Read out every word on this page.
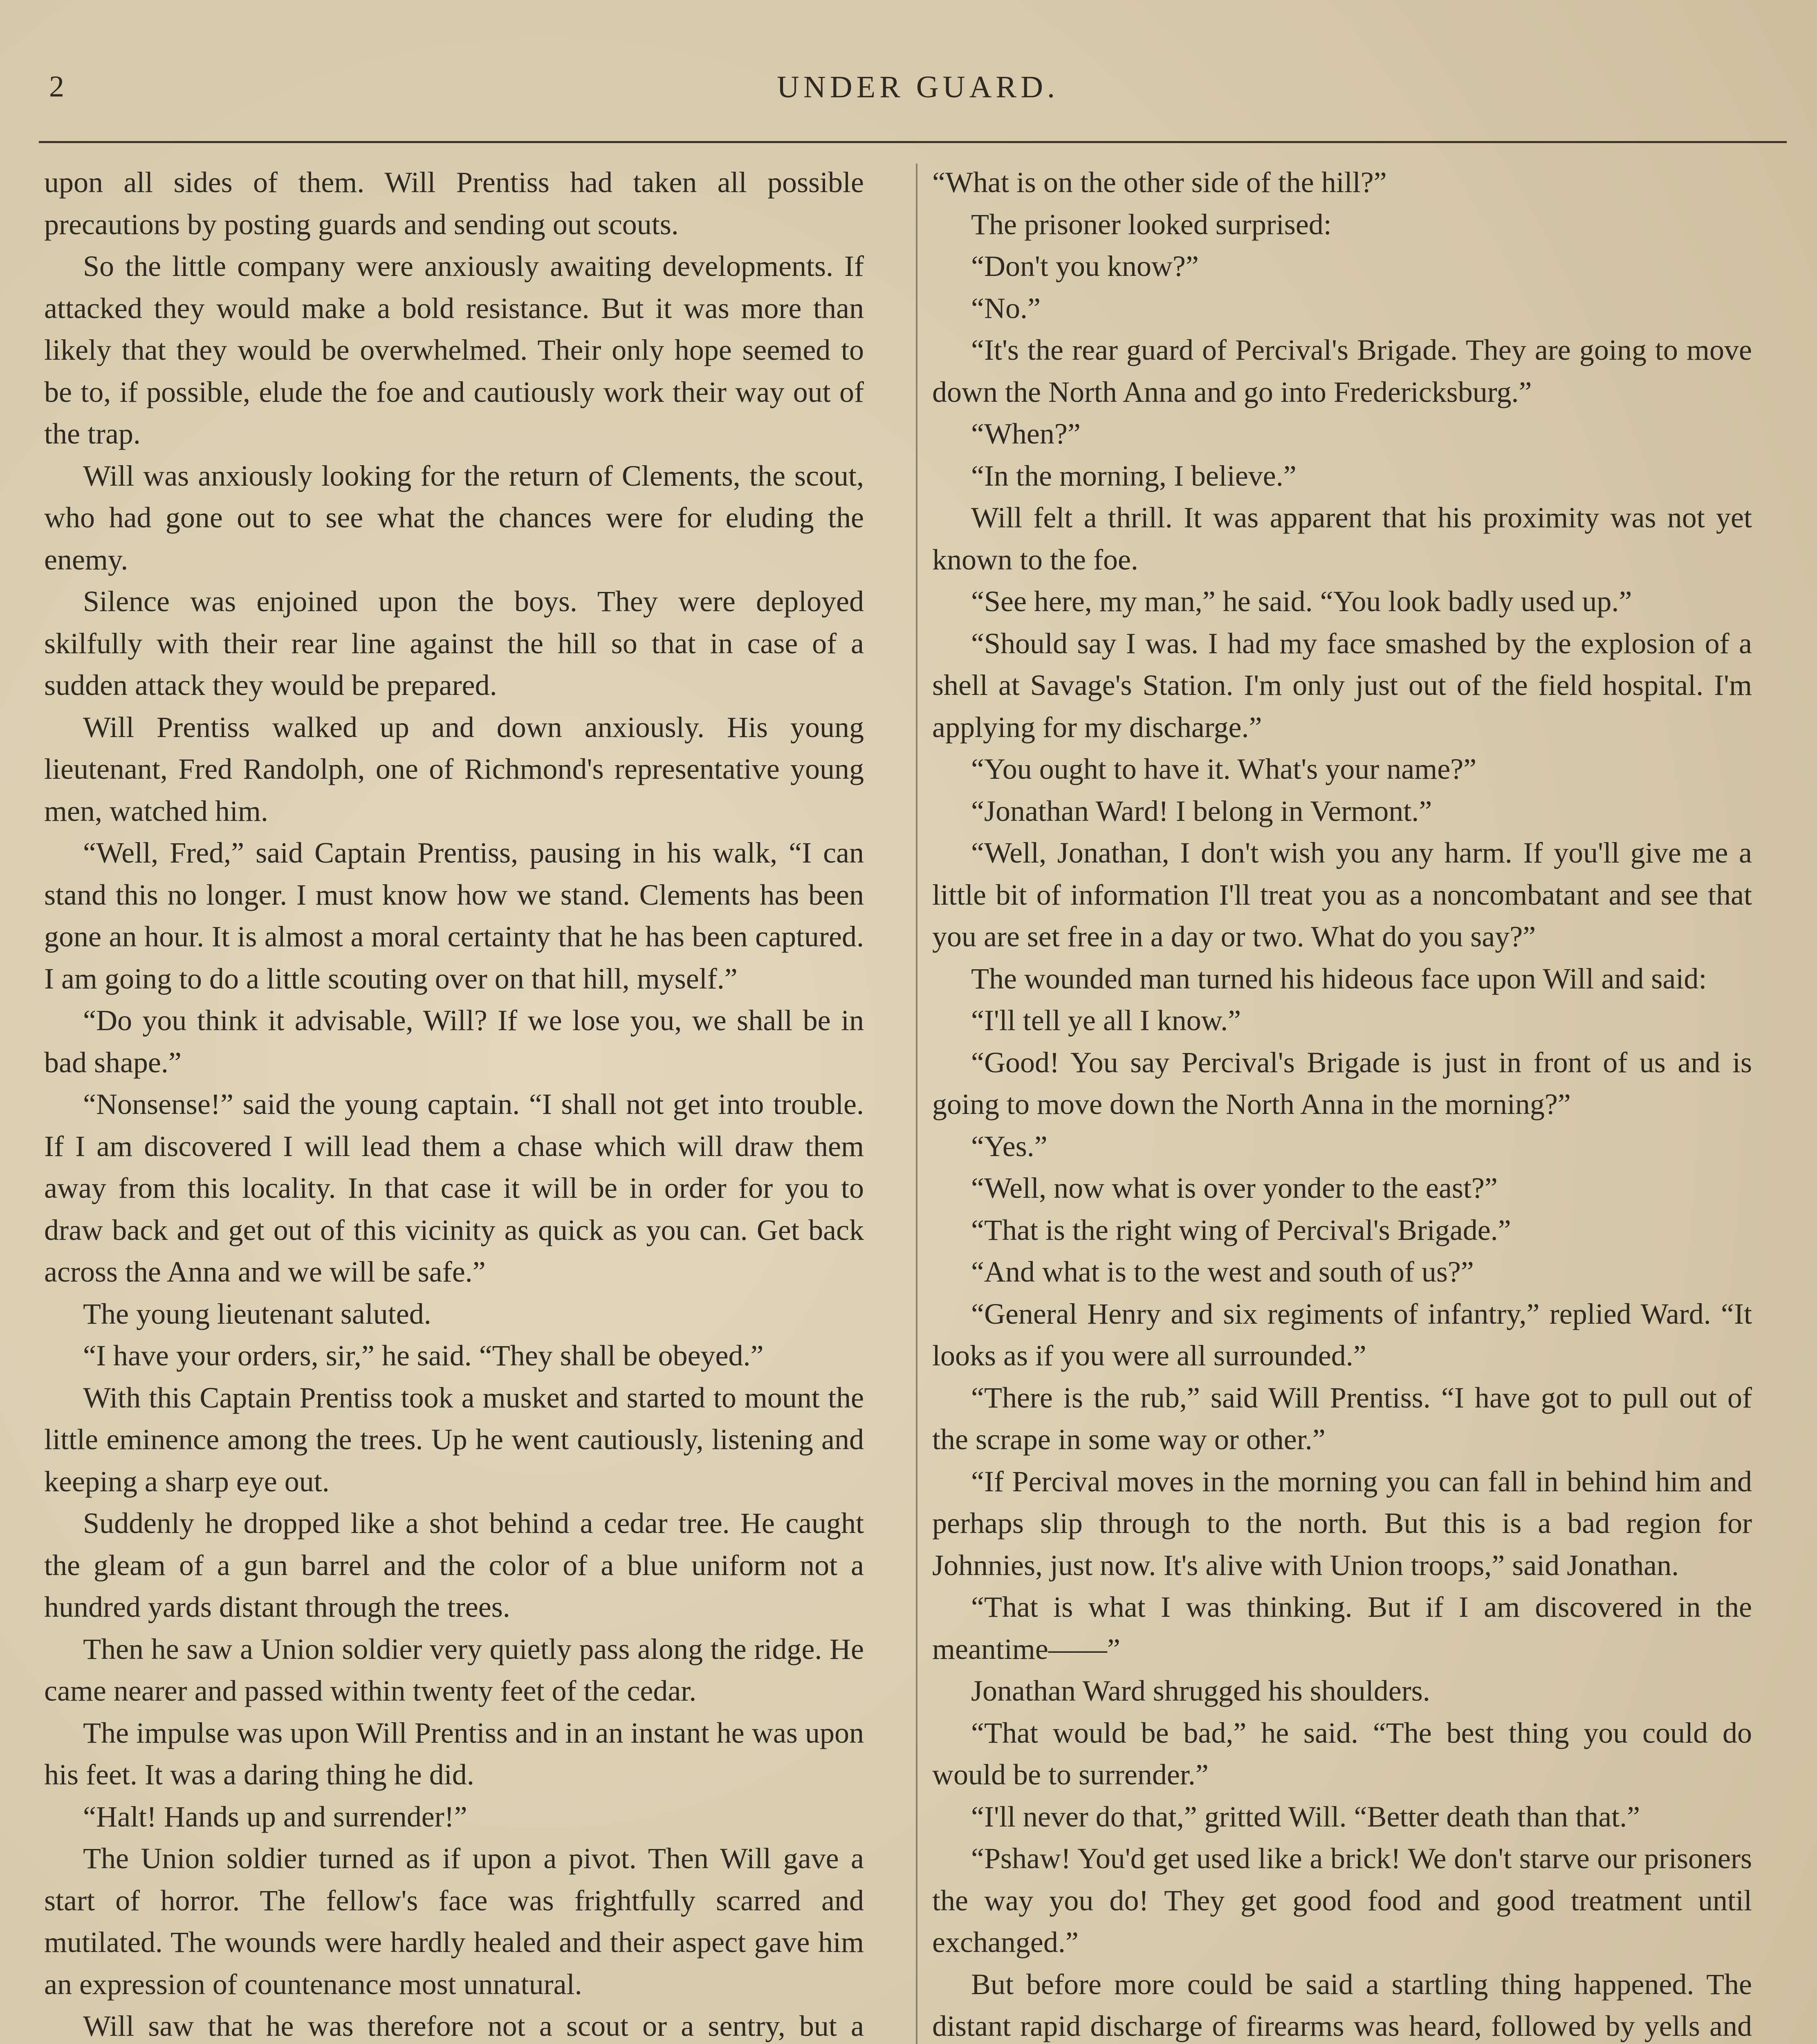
2	UNDER GUARD.

upon all sides of them. Will Prentiss had taken all possible precautions by posting guards and sending out scouts.

So the little company were anxiously awaiting developments. If attacked they would make a bold resistance. But it was more than likely that they would be overwhelmed. Their only hope seemed to be to, if possible, elude the foe and cautiously work their way out of the trap.

Will was anxiously looking for the return of Clements, the scout, who had gone out to see what the chances were for eluding the enemy.

Silence was enjoined upon the boys. They were deployed skilfully with their rear line against the hill so that in case of a sudden attack they would be prepared.

Will Prentiss walked up and down anxiously. His young lieutenant, Fred Randolph, one of Richmond's representative young men, watched him.

“Well, Fred,” said Captain Prentiss, pausing in his walk, “I can stand this no longer. I must know how we stand. Clements has been gone an hour. It is almost a moral certainty that he has been captured. I am going to do a little scouting over on that hill, myself.”

“Do you think it advisable, Will? If we lose you, we shall be in bad shape.”

“Nonsense!” said the young captain. “I shall not get into trouble. If I am discovered I will lead them a chase which will draw them away from this locality. In that case it will be in order for you to draw back and get out of this vicinity as quick as you can. Get back across the Anna and we will be safe.”

The young lieutenant saluted.

“I have your orders, sir,” he said. “They shall be obeyed.”

With this Captain Prentiss took a musket and started to mount the little eminence among the trees. Up he went cautiously, listening and keeping a sharp eye out.

Suddenly he dropped like a shot behind a cedar tree. He caught the gleam of a gun barrel and the color of a blue uniform not a hundred yards distant through the trees.

Then he saw a Union soldier very quietly pass along the ridge. He came nearer and passed within twenty feet of the cedar.

The impulse was upon Will Prentiss and in an instant he was upon his feet. It was a daring thing he did.

“Halt! Hands up and surrender!”

The Union soldier turned as if upon a pivot. Then Will gave a start of horror. The fellow's face was frightfully scarred and mutilated. The wounds were hardly healed and their aspect gave him an expression of countenance most unnatural.

Will saw that he was therefore not a scout or a sentry, but a

“What is on the other side of the hill?”

The prisoner looked surprised:

“Don't you know?”

“No.”

“It's the rear guard of Percival's Brigade. They are going to move down the North Anna and go into Fredericksburg.”

“When?”

“In the morning, I believe.”

Will felt a thrill. It was apparent that his proximity was not yet known to the foe.

“See here, my man,” he said. “You look badly used up.”

“Should say I was. I had my face smashed by the explosion of a shell at Savage's Station. I'm only just out of the field hospital. I'm applying for my discharge.”

“You ought to have it. What's your name?”

“Jonathan Ward! I belong in Vermont.”

“Well, Jonathan, I don't wish you any harm. If you'll give me a little bit of information I'll treat you as a noncombatant and see that you are set free in a day or two. What do you say?”

The wounded man turned his hideous face upon Will and said:

“I'll tell ye all I know.”

“Good! You say Percival's Brigade is just in front of us and is going to move down the North Anna in the morning?”

“Yes.”

“Well, now what is over yonder to the east?”

“That is the right wing of Percival's Brigade.”

“And what is to the west and south of us?”

“General Henry and six regiments of infantry,” replied Ward. “It looks as if you were all surrounded.”

“There is the rub,” said Will Prentiss. “I have got to pull out of the scrape in some way or other.”

“If Percival moves in the morning you can fall in behind him and perhaps slip through to the north. But this is a bad region for Johnnies, just now. It's alive with Union troops,” said Jonathan.

“That is what I was thinking. But if I am discovered in the meantime——”

Jonathan Ward shrugged his shoulders.

“That would be bad,” he said. “The best thing you could do would be to surrender.”

“I'll never do that,” gritted Will. “Better death than that.”

“Pshaw! You'd get used like a brick! We don't starve our prisoners the way you do! They get good food and good treatment until exchanged.”

But before more could be said a startling thing happened. The distant rapid discharge of firearms was heard, followed by yells and
